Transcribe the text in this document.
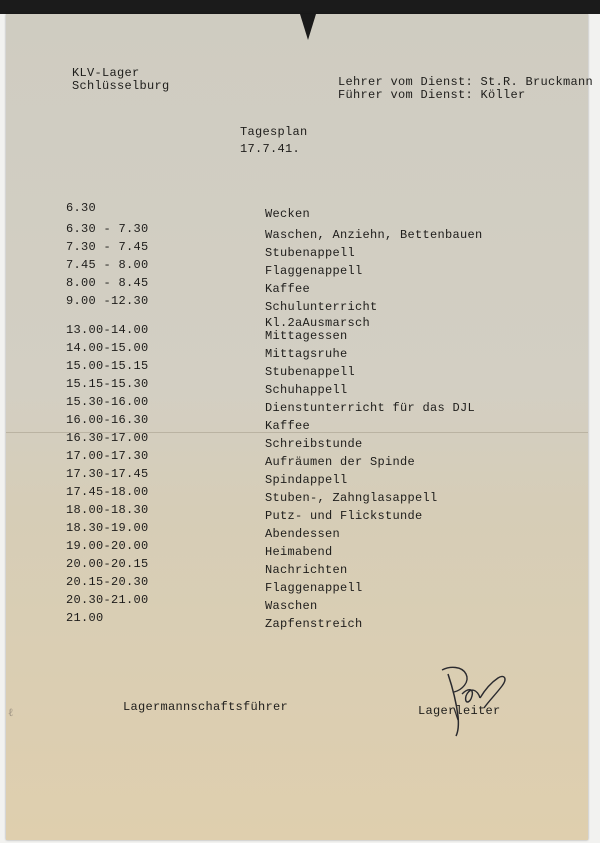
KLV-Lager
Schlüsselburg	Lehrer vom Dienst: St.R. Bruckmann
Führer vom Dienst: Köller
Tagesplan
17.7.41.
6.30	Wecken
6.30 - 7.30	Waschen, Anziehn, Bettenbauen
7.30 - 7.45	Stubenappell
7.45 - 8.00	Flaggenappell
8.00 - 8.45	Kaffee
9.00 -12.30	Schulunterricht
Kl.2aAusmarsch
13.00-14.00	Mittagessen
14.00-15.00	Mittagsruhe
15.00-15.15	Stubenappell
15.15-15.30	Schuhappell
15.30-16.00	Dienstunterricht für das DJL
16.00-16.30	Kaffee
16.30-17.00	Schreibstunde
17.00-17.30	Aufräumen der Spinde
17.30-17.45	Spindappell
17.45-18.00	Stuben-, Zahnglasappell
18.00-18.30	Putz- und Flickstunde
18.30-19.00	Abendessen
19.00-20.00	Heimabend
20.00-20.15	Nachrichten
20.15-20.30	Flaggenappell
20.30-21.00	Waschen
21.00	Zapfenstreich
Lagermannschaftsführer	Lagerleiter
ℓ
